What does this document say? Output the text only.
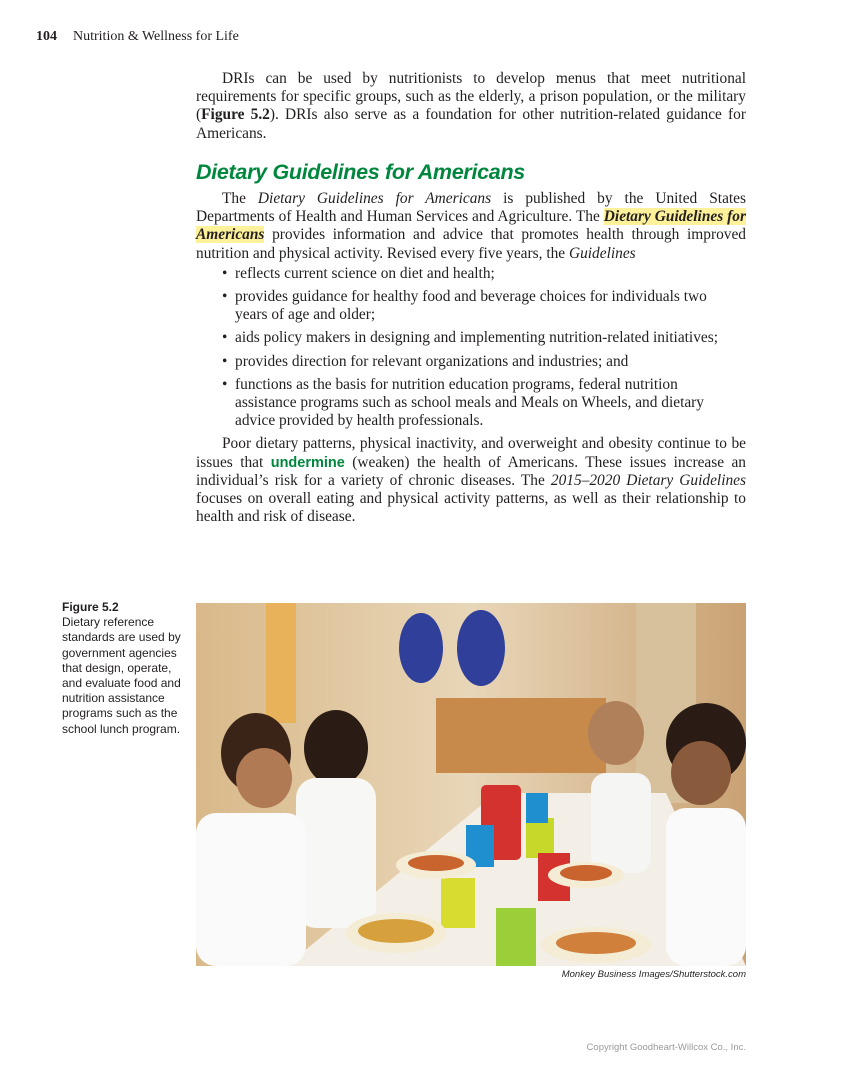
104 Nutrition & Wellness for Life

DRIs can be used by nutritionists to develop menus that meet nutritional requirements for specific groups, such as the elderly, a prison population, or the military (Figure 5.2). DRIs also serve as a foundation for other nutrition-related guidance for Americans.

Dietary Guidelines for Americans

The Dietary Guidelines for Americans is published by the United States Departments of Health and Human Services and Agriculture. The Dietary Guidelines for Americans provides information and advice that promotes health through improved nutrition and physical activity. Revised every five years, the Guidelines

• reflects current science on diet and health;
• provides guidance for healthy food and beverage choices for individuals two years of age and older;
• aids policy makers in designing and implementing nutrition-related initiatives;
• provides direction for relevant organizations and industries; and
• functions as the basis for nutrition education programs, federal nutrition assistance programs such as school meals and Meals on Wheels, and dietary advice provided by health professionals.

Poor dietary patterns, physical inactivity, and overweight and obesity continue to be issues that undermine (weaken) the health of Americans. These issues increase an individual’s risk for a variety of chronic diseases. The 2015–2020 Dietary Guidelines focuses on overall eating and physical activity patterns, as well as their relationship to health and risk of disease.

Figure 5.2
Dietary reference standards are used by government agencies that design, operate, and evaluate food and nutrition assistance programs such as the school lunch program.
Monkey Business Images/Shutterstock.com
Copyright Goodheart-Willcox Co., Inc.
